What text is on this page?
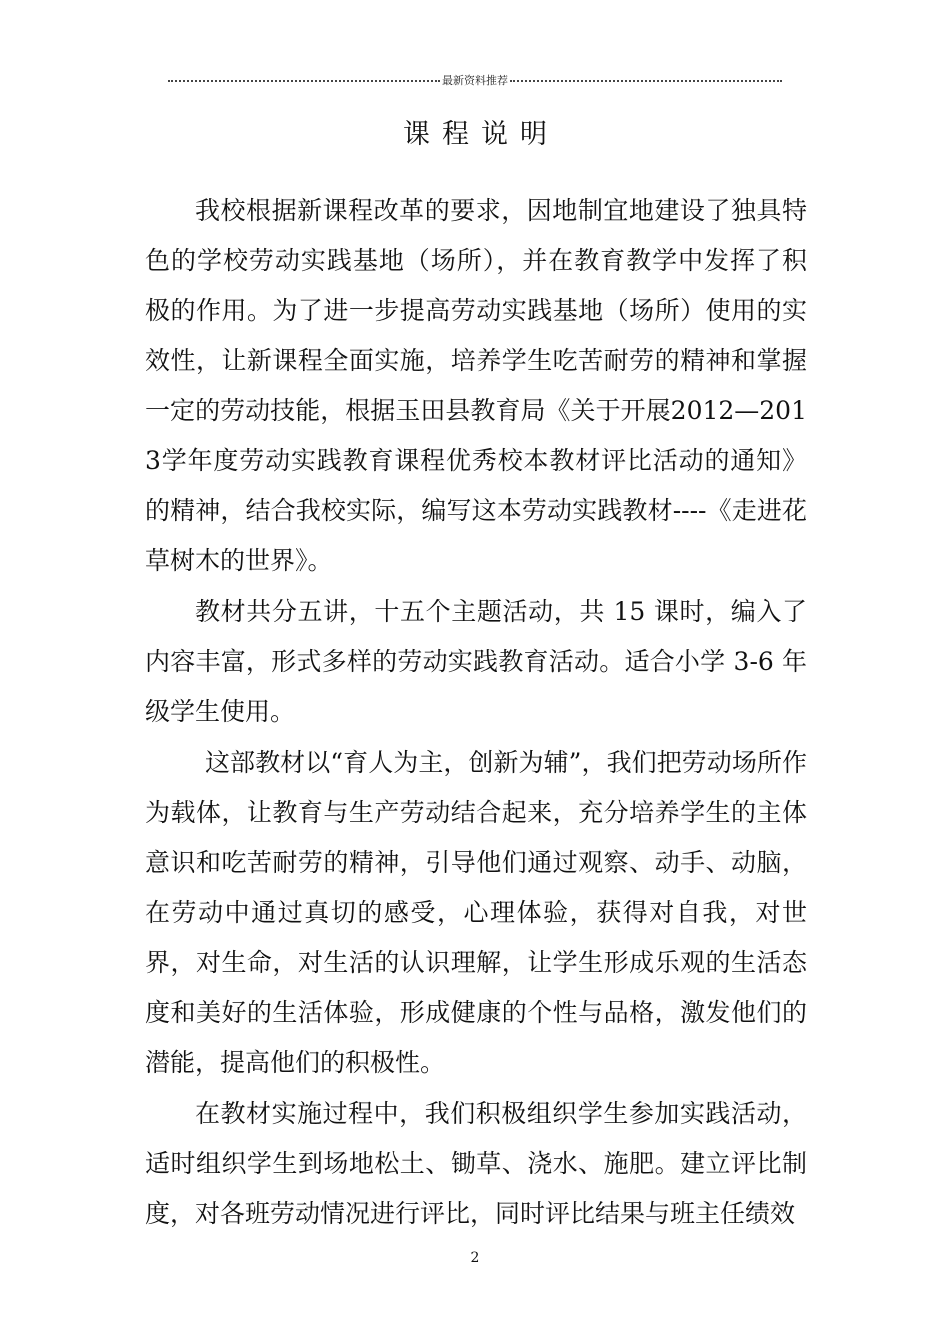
最新资料推荐
课程说明

我校根据新课程改革的要求，因地制宜地建设了独具特色的学校劳动实践基地（场所），并在教育教学中发挥了积极的作用。为了进一步提高劳动实践基地（场所）使用的实效性，让新课程全面实施，培养学生吃苦耐劳的精神和掌握一定的劳动技能，根据玉田县教育局《关于开展2012—2013学年度劳动实践教育课程优秀校本教材评比活动的通知》的精神，结合我校实际，编写这本劳动实践教材----《走进花草树木的世界》。

教材共分五讲，十五个主题活动，共 15 课时，编入了内容丰富，形式多样的劳动实践教育活动。适合小学 3-6 年级学生使用。

这部教材以“育人为主，创新为辅”，我们把劳动场所作为载体，让教育与生产劳动结合起来，充分培养学生的主体意识和吃苦耐劳的精神，引导他们通过观察、动手、动脑，在劳动中通过真切的感受，心理体验，获得对自我，对世界，对生命，对生活的认识理解，让学生形成乐观的生活态度和美好的生活体验，形成健康的个性与品格，激发他们的潜能，提高他们的积极性。

在教材实施过程中，我们积极组织学生参加实践活动，适时组织学生到场地松土、锄草、浇水、施肥。建立评比制度，对各班劳动情况进行评比，同时评比结果与班主任绩效

2
